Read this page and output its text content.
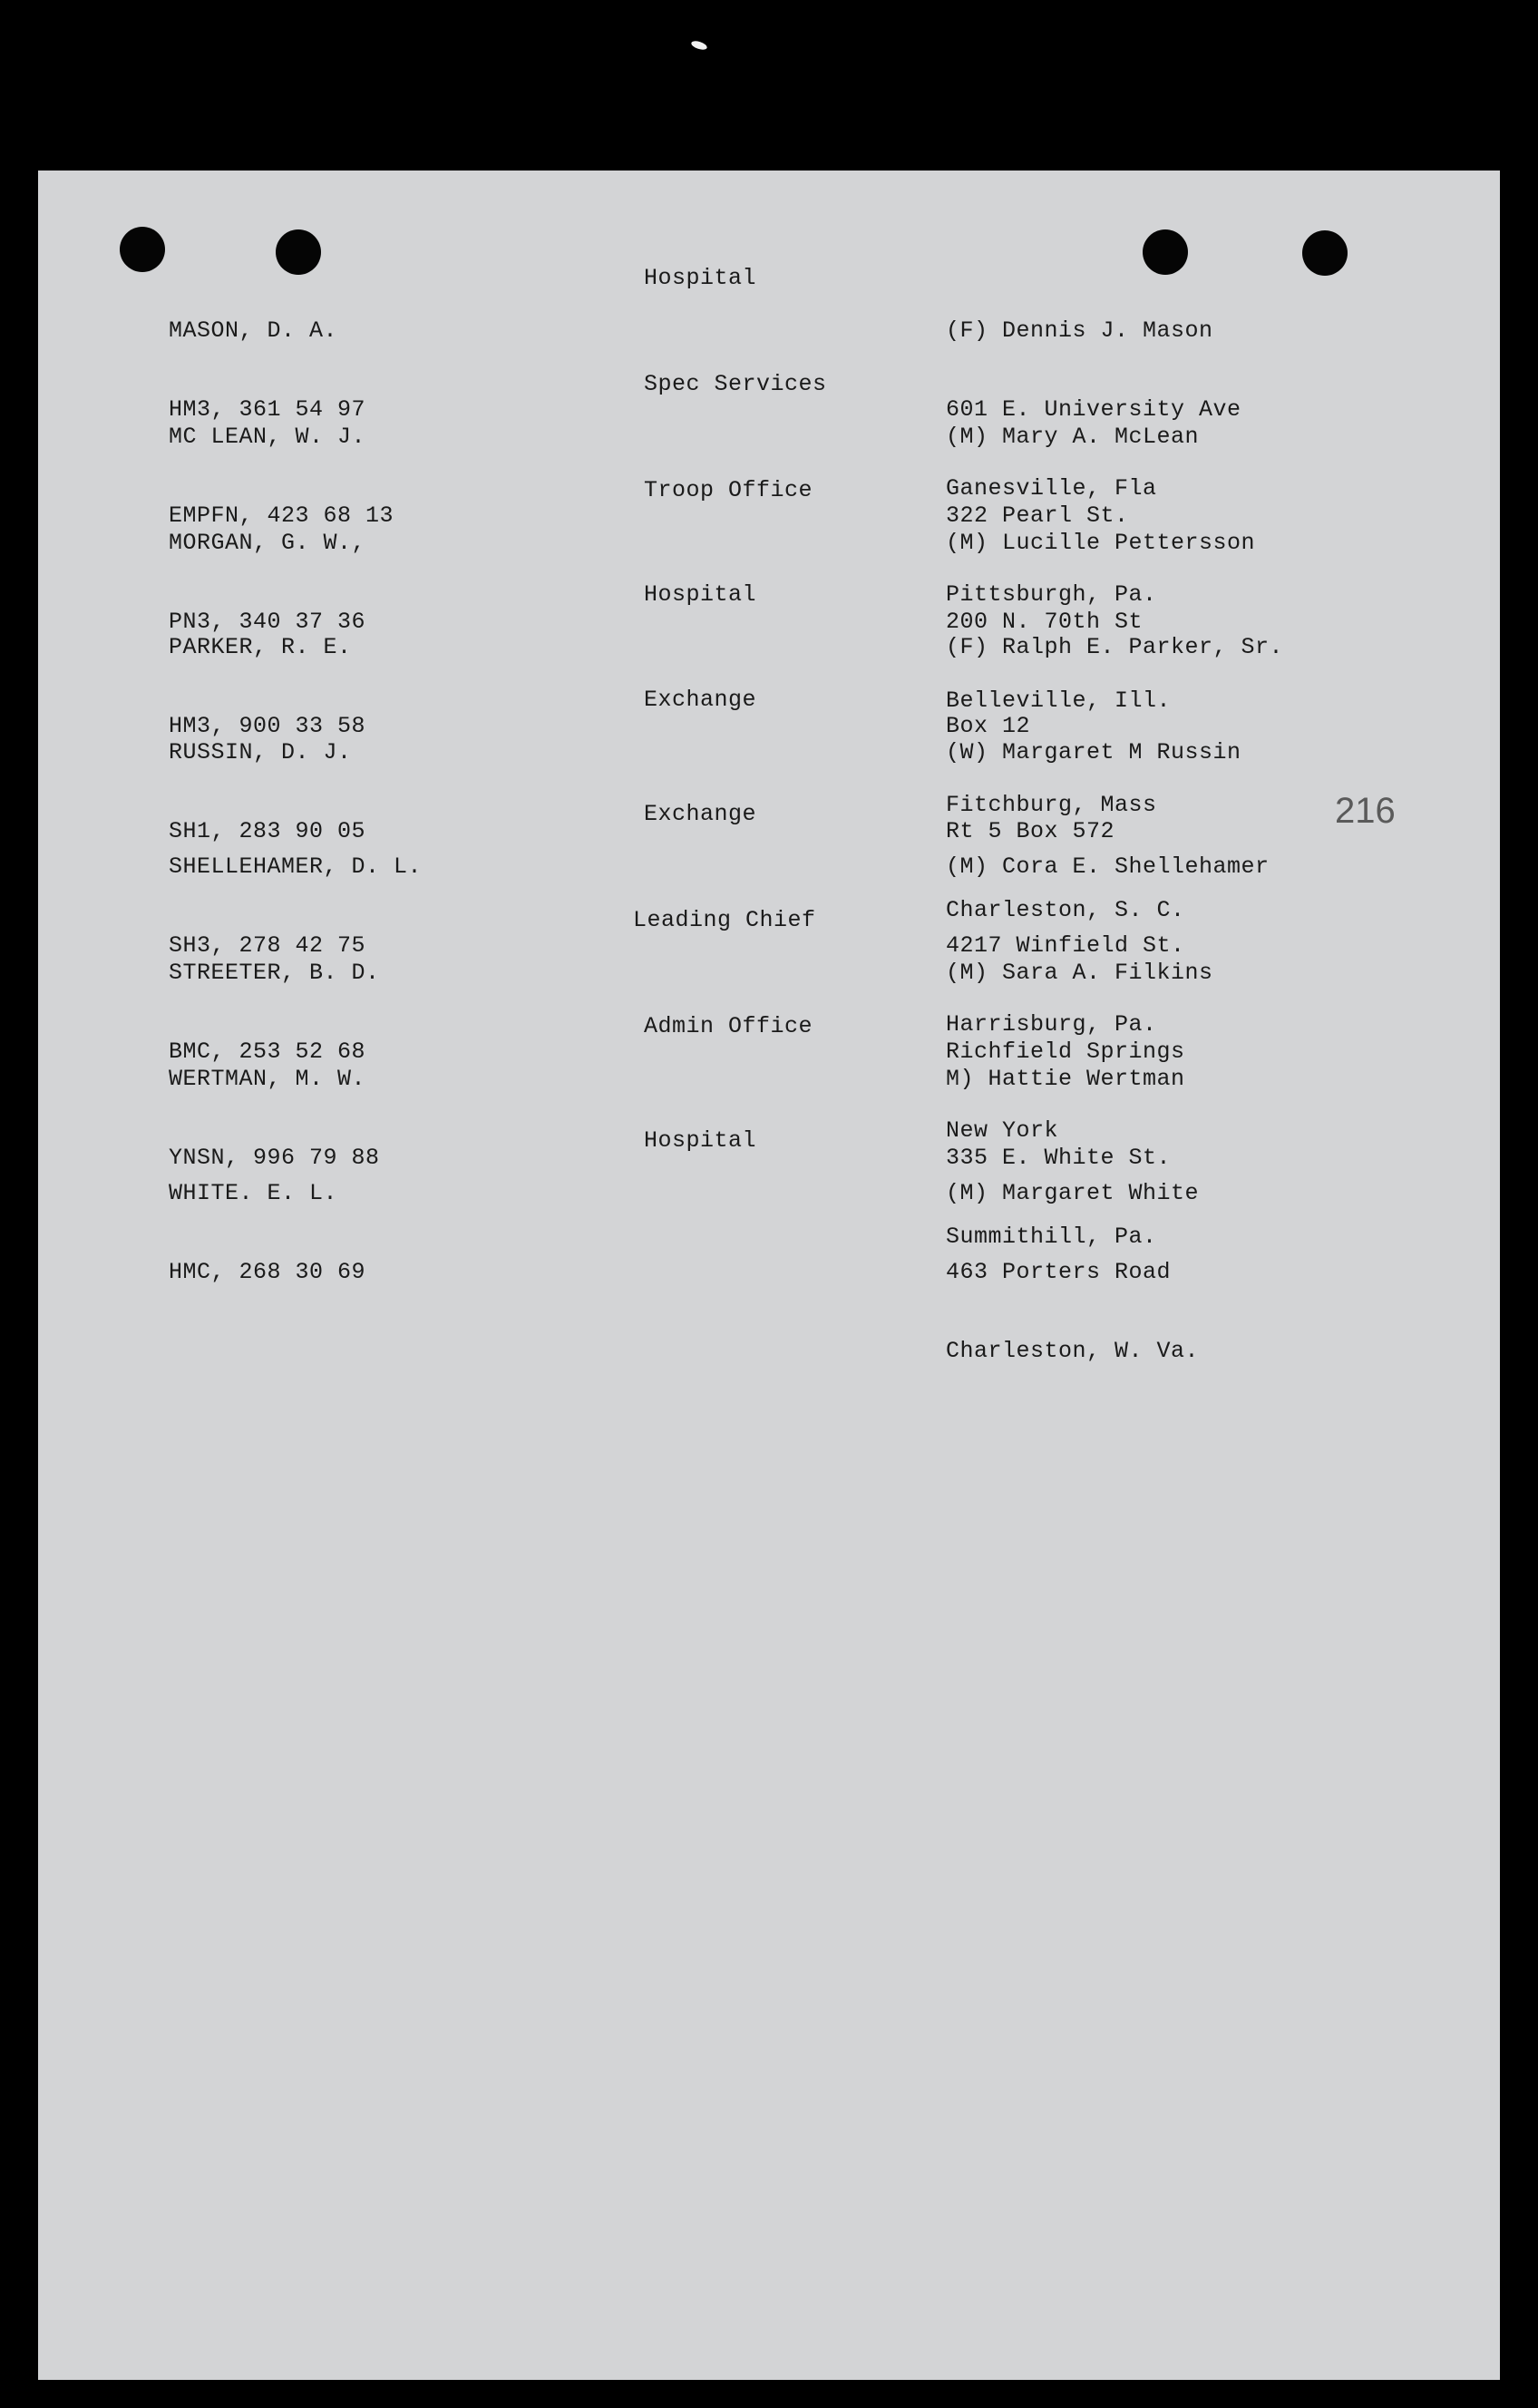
216

MASON, D. A.

HM3, 361 54 97

Hospital

(F) Dennis J. Mason

601 E. University Ave

Ganesville, Fla

MC LEAN, W. J.

EMPFN, 423 68 13

Spec Services

(M) Mary A. McLean

322 Pearl St.

Pittsburgh, Pa.

MORGAN, G. W.,

PN3, 340 37 36

Troop Office

(M) Lucille Pettersson

200 N. 70th St

Belleville, Ill.

PARKER, R. E.

HM3, 900 33 58

Hospital

(F) Ralph E. Parker, Sr.

Box 12

Fitchburg, Mass

RUSSIN, D. J.

SH1, 283 90 05

Exchange

(W) Margaret M Russin

Rt 5 Box 572

Charleston, S. C.

SHELLEHAMER, D. L.

SH3, 278 42 75

Exchange

(M) Cora E. Shellehamer

4217 Winfield St.

Harrisburg, Pa.

STREETER, B. D.

BMC, 253 52 68

Leading Chief

(M) Sara A. Filkins

Richfield Springs

New York

WERTMAN, M. W.

YNSN, 996 79 88

Admin Office

M) Hattie Wertman

335 E. White St.

Summithill, Pa.

WHITE. E. L.

HMC, 268 30 69

Hospital

(M) Margaret White

463 Porters Road

Charleston, W. Va.
